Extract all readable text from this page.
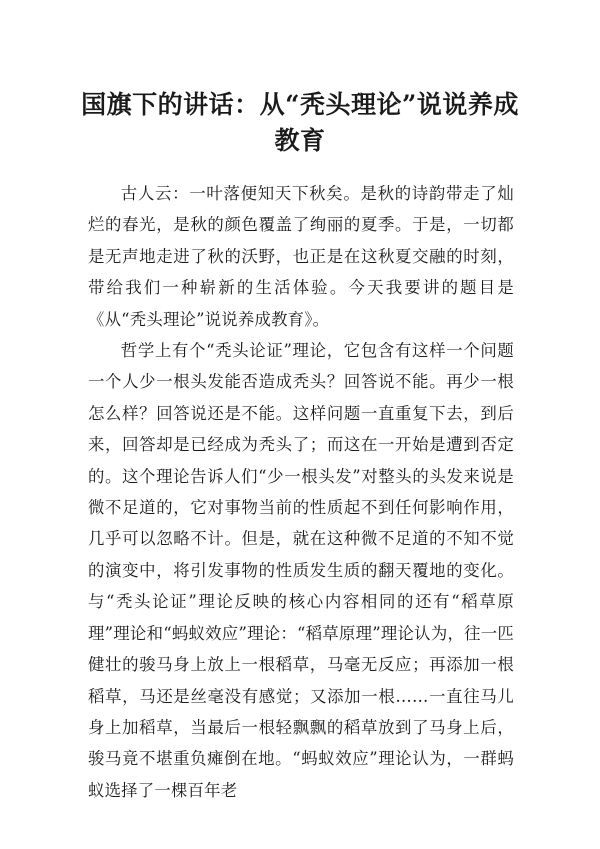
国旗下的讲话：从“秃头理论”说说养成教育

古人云：一叶落便知天下秋矣。是秋的诗韵带走了灿烂的春光，是秋的颜色覆盖了绚丽的夏季。于是，一切都是无声地走进了秋的沃野，也正是在这秋夏交融的时刻，带给我们一种崭新的生活体验。今天我要讲的题目是《从“秃头理论”说说养成教育》。

哲学上有个“秃头论证”理论，它包含有这样一个问题一个人少一根头发能否造成秃头？回答说不能。再少一根怎么样？回答说还是不能。这样问题一直重复下去，到后来，回答却是已经成为秃头了；而这在一开始是遭到否定的。这个理论告诉人们“少一根头发”对整头的头发来说是微不足道的，它对事物当前的性质起不到任何影响作用，几乎可以忽略不计。但是，就在这种微不足道的不知不觉的演变中，将引发事物的性质发生质的翻天覆地的变化。与“秃头论证”理论反映的核心内容相同的还有“稻草原理”理论和“蚂蚁效应”理论：“稻草原理”理论认为，往一匹健壮的骏马身上放上一根稻草，马毫无反应；再添加一根稻草，马还是丝毫没有感觉；又添加一根……一直往马儿身上加稻草，当最后一根轻飘飘的稻草放到了马身上后，骏马竟不堪重负瘫倒在地。“蚂蚁效应”理论认为，一群蚂蚁选择了一棵百年老
